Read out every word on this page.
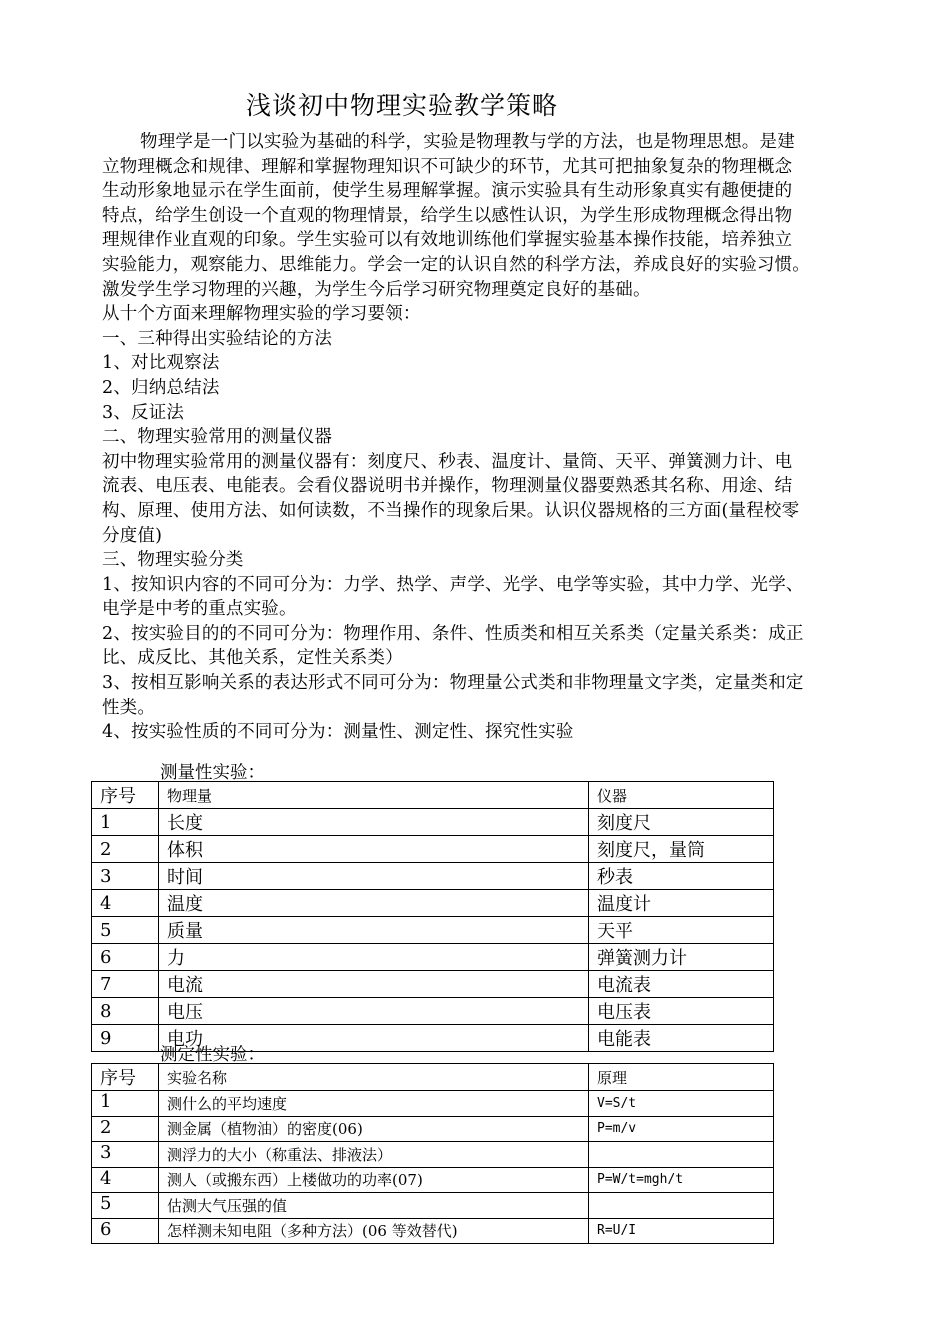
浅谈初中物理实验教学策略
物理学是一门以实验为基础的科学，实验是物理教与学的方法，也是物理思想。是建
立物理概念和规律、理解和掌握物理知识不可缺少的环节，尤其可把抽象复杂的物理概念
生动形象地显示在学生面前，使学生易理解掌握。演示实验具有生动形象真实有趣便捷的
特点，给学生创设一个直观的物理情景，给学生以感性认识，为学生形成物理概念得出物
理规律作业直观的印象。学生实验可以有效地训练他们掌握实验基本操作技能，培养独立
实验能力，观察能力、思维能力。学会一定的认识自然的科学方法，养成良好的实验习惯。
激发学生学习物理的兴趣，为学生今后学习研究物理奠定良好的基础。
从十个方面来理解物理实验的学习要领：
一、三种得出实验结论的方法
1、对比观察法
2、归纳总结法
3、反证法
二、物理实验常用的测量仪器
初中物理实验常用的测量仪器有：刻度尺、秒表、温度计、量筒、天平、弹簧测力计、电
流表、电压表、电能表。会看仪器说明书并操作，物理测量仪器要熟悉其名称、用途、结
构、原理、使用方法、如何读数，不当操作的现象后果。认识仪器规格的三方面(量程校零
分度值)
三、物理实验分类
1、按知识内容的不同可分为：力学、热学、声学、光学、电学等实验，其中力学、光学、
电学是中考的重点实验。
2、按实验目的的不同可分为：物理作用、条件、性质类和相互关系类（定量关系类：成正
比、成反比、其他关系，定性关系类）
3、按相互影响关系的表达形式不同可分为：物理量公式类和非物理量文字类，定量类和定
性类。
4、按实验性质的不同可分为：测量性、测定性、探究性实验
测量性实验：
序号	物理量	仪器
1	长度	刻度尺
2	体积	刻度尺，量筒
3	时间	秒表
4	温度	温度计
5	质量	天平
6	力	弹簧测力计
7	电流	电流表
8	电压	电压表
9	电功	电能表
测定性实验：
序号	实验名称	原理
1	测什么的平均速度	V=S/t
2	测金属（植物油）的密度(06)	P=m/v
3	测浮力的大小（称重法、排液法）	
4	测人（或搬东西）上楼做功的功率(07)	P=W/t=mgh/t
5	估测大气压强的值	
6	怎样测未知电阻（多种方法）(06 等效替代)	R=U/I
